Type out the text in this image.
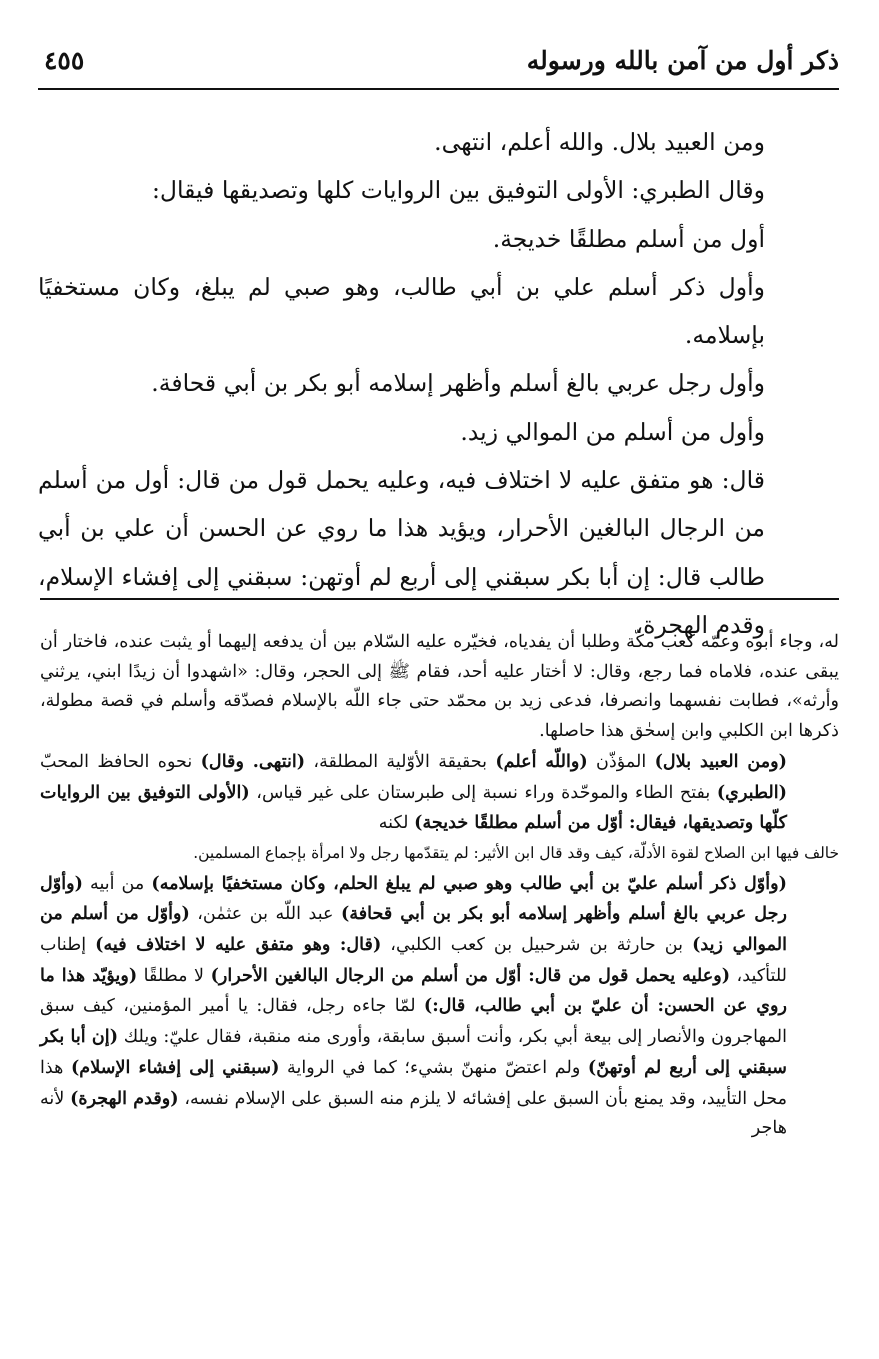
ذكر أول من آمن بالله ورسوله
٤٥٥

ومن العبيد بلال. والله أعلم، انتهى.

وقال الطبري: الأولى التوفيق بين الروايات كلها وتصديقها فيقال:

أول من أسلم مطلقًا خديجة.

وأول ذكر أسلم علي بن أبي طالب، وهو صبي لم يبلغ، وكان مستخفيًا بإسلامه.

وأول رجل عربي بالغ أسلم وأظهر إسلامه أبو بكر بن أبي قحافة.

وأول من أسلم من الموالي زيد.

قال: هو متفق عليه لا اختلاف فيه، وعليه يحمل قول من قال: أول من أسلم من الرجال البالغين الأحرار، ويؤيد هذا ما روي عن الحسن أن علي بن أبي طالب قال: إن أبا بكر سبقني إلى أربع لم أوتهن: سبقني إلى إفشاء الإسلام، وقدم الهجرة،

له، وجاء أبوه وعمّه كعب مكّة وطلبا أن يفدياه، فخيّره عليه السّلام بين أن يدفعه إليهما أو يثبت عنده، فاختار أن يبقى عنده، فلاماه فما رجع، وقال: لا أختار عليه أحد، فقام ﷺ إلى الحجر، وقال: «اشهدوا أن زيدًا ابني، يرثني وأرثه»، فطابت نفسهما وانصرفا، فدعى زيد بن محمّد حتى جاء اللّه بالإسلام فصدّقه وأسلم في قصة مطولة، ذكرها ابن الكلبي وابن إسحٰق هذا حاصلها.

(ومن العبيد بلال) المؤذّن (واللّه أعلم) بحقيقة الأوّلية المطلقة، (انتهى. وقال) نحوه الحافظ المحبّ (الطبري) بفتح الطاء والموحّدة وراء نسبة إلى طبرستان على غير قياس، (الأولى التوفيق بين الروايات كلّها وتصديقها، فيقال: أوّل من أسلم مطلقًا خديجة) لكنه

خالف فيها ابن الصلاح لقوة الأدلّة، كيف وقد قال ابن الأثير: لم يتقدّمها رجل ولا امرأة بإجماع المسلمين.

(وأوّل ذكر أسلم عليّ بن أبي طالب وهو صبي لم يبلغ الحلم، وكان مستخفيًا بإسلامه) من أبيه (وأوّل رجل عربي بالغ أسلم وأظهر إسلامه أبو بكر بن أبي قحافة) عبد اللّه بن عثمٰن، (وأوّل من أسلم من الموالي زيد) بن حارثة بن شرحبيل بن كعب الكلبي، (قال: وهو متفق عليه لا اختلاف فيه) إطناب للتأكيد، (وعليه يحمل قول من قال: أوّل من أسلم من الرجال البالغين الأحرار) لا مطلقًا (ويؤيّد هذا ما روي عن الحسن: أن عليّ بن أبي طالب، قال:) لمّا جاءه رجل، فقال: يا أمير المؤمنين، كيف سبق المهاجرون والأنصار إلى بيعة أبي بكر، وأنت أسبق سابقة، وأورى منه منقبة، فقال عليّ: ويلك (إن أبا بكر سبقني إلى أربع لم أوتهنّ) ولم اعتضّ منهنّ بشيء؛ كما في الرواية (سبقني إلى إفشاء الإسلام) هذا محل التأييد، وقد يمنع بأن السبق على إفشائه لا يلزم منه السبق على الإسلام نفسه، (وقدم الهجرة) لأنه هاجر
